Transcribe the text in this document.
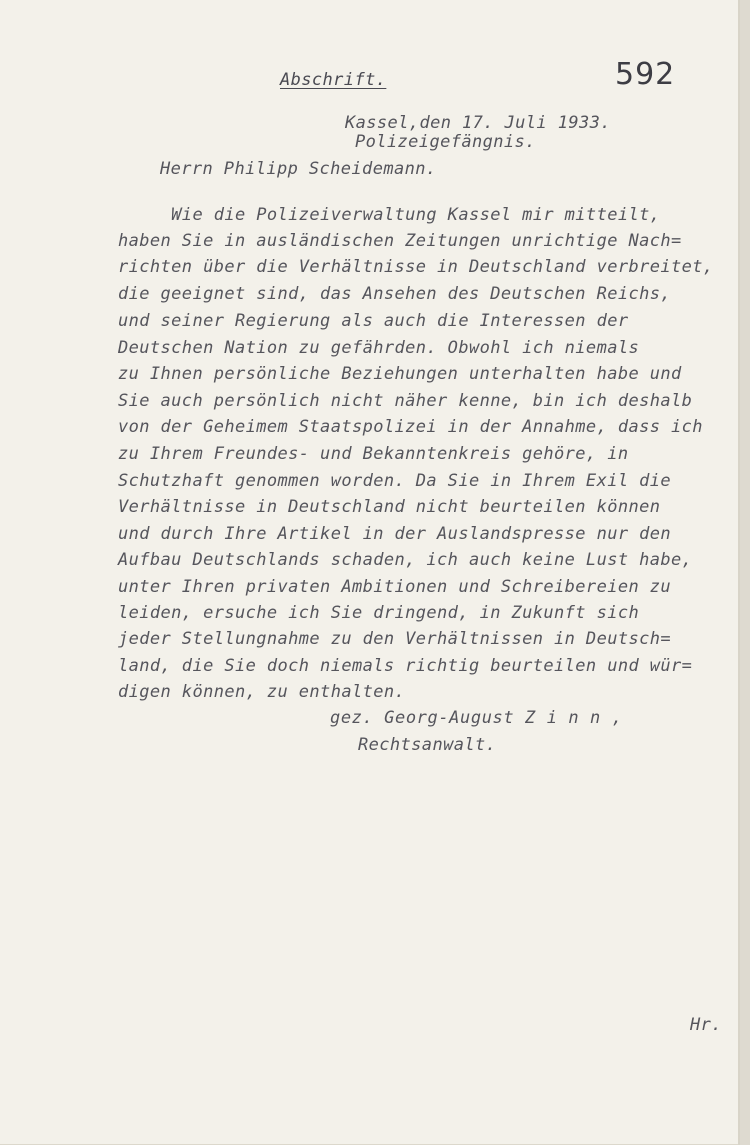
Abschrift.	592
Kassel,den 17. Juli 1933.
Polizeigefängnis.
Herrn Philipp Scheidemann.
Wie die Polizeiverwaltung Kassel mir mitteilt,
haben Sie in ausländischen Zeitungen unrichtige Nach=
richten über die Verhältnisse in Deutschland verbreitet,
die geeignet sind, das Ansehen des Deutschen Reichs,
und seiner Regierung als auch die Interessen der
Deutschen Nation zu gefährden. Obwohl ich niemals
zu Ihnen persönliche Beziehungen unterhalten habe und
Sie auch persönlich nicht näher kenne, bin ich deshalb
von der Geheimem Staatspolizei in der Annahme, dass ich
zu Ihrem Freundes- und Bekanntenkreis gehöre, in
Schutzhaft genommen worden. Da Sie in Ihrem Exil die
Verhältnisse in Deutschland nicht beurteilen können
und durch Ihre Artikel in der Auslandspresse nur den
Aufbau Deutschlands schaden, ich auch keine Lust habe,
unter Ihren privaten Ambitionen und Schreibereien zu
leiden, ersuche ich Sie dringend, in Zukunft sich
jeder Stellungnahme zu den Verhältnissen in Deutsch=
land, die Sie doch niemals richtig beurteilen und wür=
digen können, zu enthalten.
gez. Georg-August Z i n n ,
Rechtsanwalt.
Hr.
